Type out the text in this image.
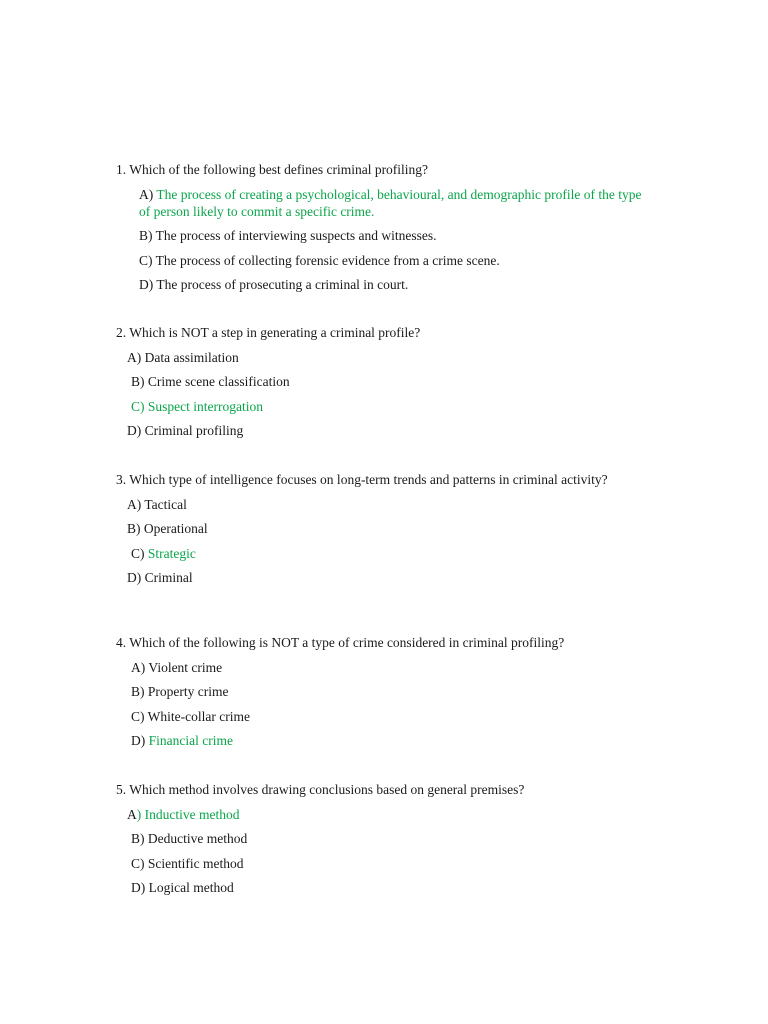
1. Which of the following best defines criminal profiling?

A) The process of creating a psychological, behavioural, and demographic profile of the type of person likely to commit a specific crime.
B) The process of interviewing suspects and witnesses.
C) The process of collecting forensic evidence from a crime scene.
D) The process of prosecuting a criminal in court.

2. Which is NOT a step in generating a criminal profile?

A) Data assimilation
B) Crime scene classification
C) Suspect interrogation
D) Criminal profiling

3. Which type of intelligence focuses on long-term trends and patterns in criminal activity?

A) Tactical
B) Operational
C) Strategic
D) Criminal

4. Which of the following is NOT a type of crime considered in criminal profiling?

A) Violent crime
B) Property crime
C) White-collar crime
D) Financial crime

5. Which method involves drawing conclusions based on general premises?

A) Inductive method
B) Deductive method
C) Scientific method
D) Logical method
